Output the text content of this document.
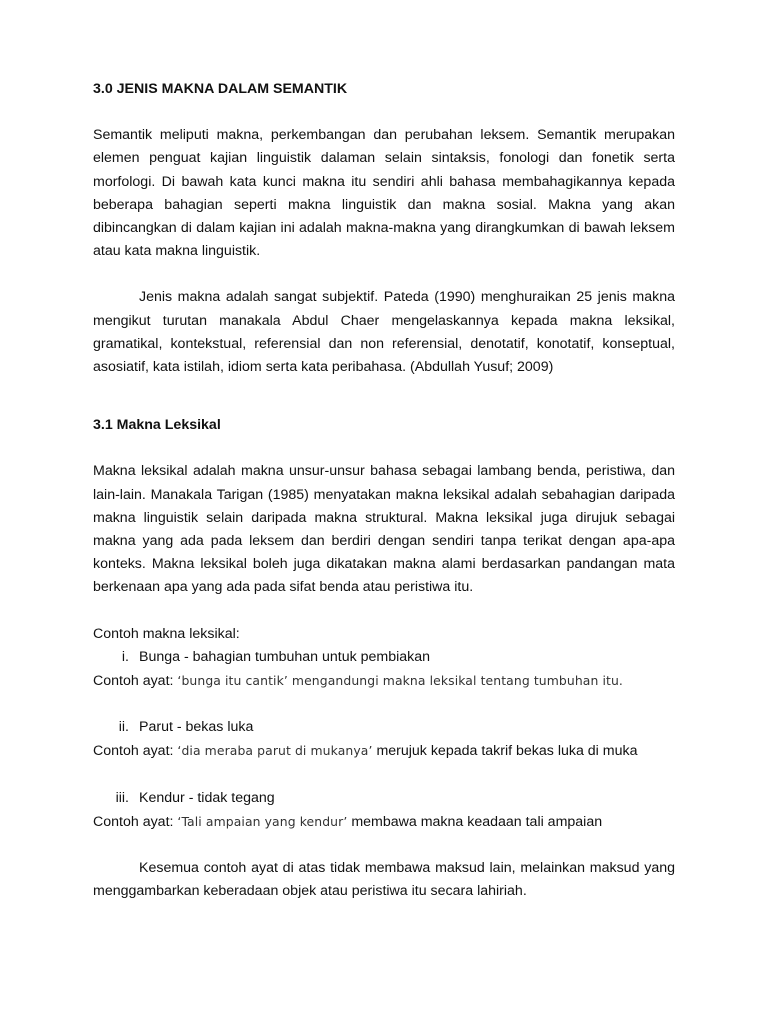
3.0 JENIS MAKNA DALAM SEMANTIK

Semantik meliputi makna, perkembangan dan perubahan leksem. Semantik merupakan elemen penguat kajian linguistik dalaman selain sintaksis, fonologi dan fonetik serta morfologi. Di bawah kata kunci makna itu sendiri ahli bahasa membahagikannya kepada beberapa bahagian seperti makna linguistik dan makna sosial. Makna yang akan dibincangkan di dalam kajian ini adalah makna-makna yang dirangkumkan di bawah leksem atau kata makna linguistik.

Jenis makna adalah sangat subjektif. Pateda (1990) menghuraikan 25 jenis makna mengikut turutan manakala Abdul Chaer mengelaskannya kepada makna leksikal, gramatikal, kontekstual, referensial dan non referensial, denotatif, konotatif, konseptual, asosiatif, kata istilah, idiom serta kata peribahasa. (Abdullah Yusuf; 2009)

3.1 Makna Leksikal

Makna leksikal adalah makna unsur-unsur bahasa sebagai lambang benda, peristiwa, dan lain-lain. Manakala Tarigan (1985) menyatakan makna leksikal adalah sebahagian daripada makna linguistik selain daripada makna struktural. Makna leksikal juga dirujuk sebagai makna yang ada pada leksem dan berdiri dengan sendiri tanpa terikat dengan apa-apa konteks. Makna leksikal boleh juga dikatakan makna alami berdasarkan pandangan mata berkenaan apa yang ada pada sifat benda atau peristiwa itu.

Contoh makna leksikal:

i. Bunga - bahagian tumbuhan untuk pembiakan

Contoh ayat: ‘bunga itu cantik’ mengandungi makna leksikal tentang tumbuhan itu.

ii. Parut - bekas luka

Contoh ayat: ‘dia meraba parut di mukanya’ merujuk kepada takrif bekas luka di muka

iii. Kendur - tidak tegang

Contoh ayat: ‘Tali ampaian yang kendur’ membawa makna keadaan tali ampaian

Kesemua contoh ayat di atas tidak membawa maksud lain, melainkan maksud yang menggambarkan keberadaan objek atau peristiwa itu secara lahiriah.
